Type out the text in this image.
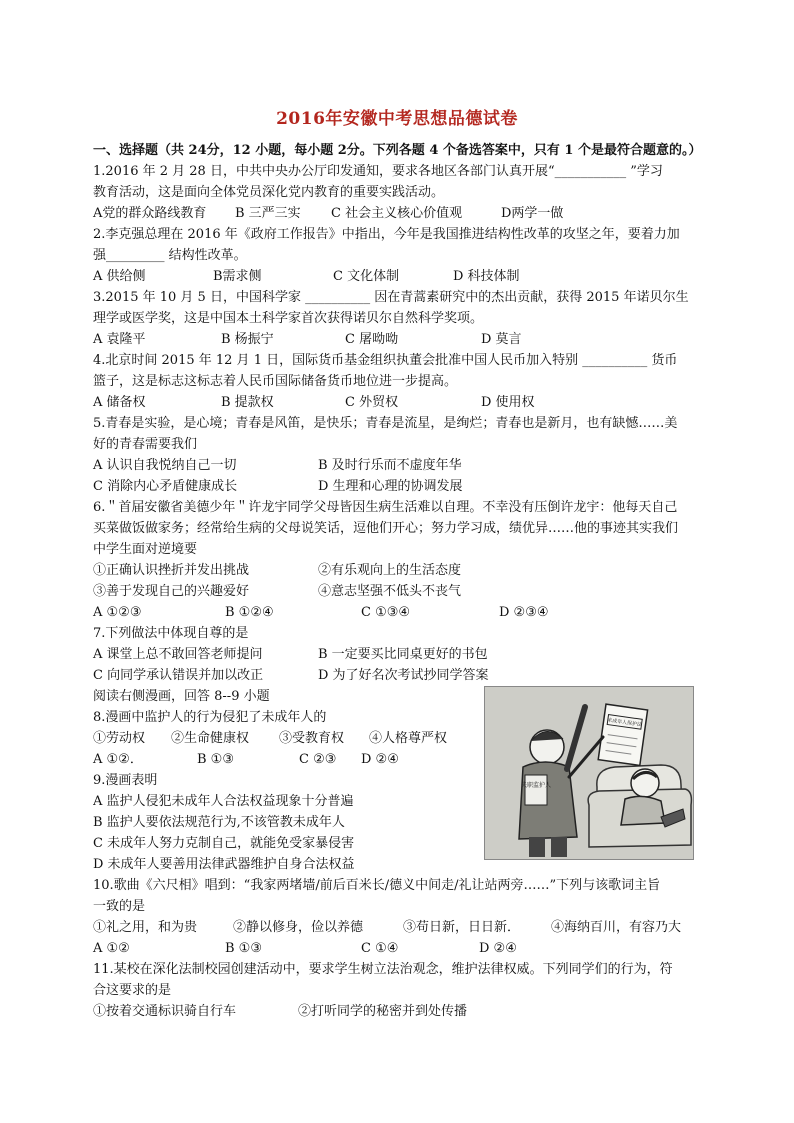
2016年安徽中考思想品德试卷
一、选择题（共 24分，12 小题，每小题 2分。下列各题 4 个备选答案中，只有 1 个是最符合题意的。）
1.2016 年 2 月 28 日，中共中央办公厅印发通知，要求各地区各部门认真开展“___________ ”学习
教育活动，这是面向全体党员深化党内教育的重要实践活动。
A党的群众路线教育	B 三严三实	C 社会主义核心价值观	D两学一做
2.李克强总理在 2016 年《政府工作报告》中指出，今年是我国推进结构性改革的攻坚之年，要着力加
强_________ 结构性改革。
A 供给侧	B需求侧	C 文化体制	D 科技体制
3.2015 年 10 月 5 日，中国科学家 __________ 因在青蒿素研究中的杰出贡献，获得 2015 年诺贝尔生
理学或医学奖，这是中国本土科学家首次获得诺贝尔自然科学奖项。
A 袁隆平	B 杨振宁	C 屠呦呦	D 莫言
4.北京时间 2015 年 12 月 1 日，国际货币基金组织执董会批准中国人民币加入特别 __________ 货币
篮子，这是标志这标志着人民币国际储备货币地位进一步提高。
A 储备权	B 提款权	C 外贸权	D 使用权
5.青春是实验，是心境；青春是风笛，是快乐；青春是流星，是绚烂；青春也是新月，也有缺憾……美
好的青春需要我们
A 认识自我悦纳自己一切	B 及时行乐而不虚度年华
C 消除内心矛盾健康成长	D 生理和心理的协调发展
6.＂首届安徽省美德少年＂许龙宇同学父母皆因生病生活难以自理。不幸没有压倒许龙宇：他每天自己
买菜做饭做家务；经常给生病的父母说笑话，逗他们开心；努力学习成，绩优异……他的事迹其实我们
中学生面对逆境要
①正确认识挫折并发出挑战	②有乐观向上的生活态度
③善于发现自己的兴趣爱好	④意志坚强不低头不丧气
A ①②③	B ①②④	C ①③④	D ②③④
7.下列做法中体现自尊的是
A 课堂上总不敢回答老师提问	B 一定要买比同桌更好的书包
C 向同学承认错误并加以改正	D 为了好名次考试抄同学答案
阅读右侧漫画，回答 8--9 小题
8.漫画中监护人的行为侵犯了未成年人的
①劳动权	②生命健康权	③受教育权	④人格尊严权
A ①②．	B ①③	C ②③	D ②④
9.漫画表明
A 监护人侵犯未成年人合法权益现象十分普遍
B 监护人要依法规范行为,不该管教未成年人
C 未成年人努力克制自己，就能免受家暴侵害
D 未成年人要善用法律武器维护自身合法权益
10.歌曲《六尺相》唱到：“我家两堵墙/前后百米长/德义中间走/礼让站两旁……”下列与该歌词主旨
一致的是
①礼之用，和为贵	②静以修身，俭以养德	③苟日新，日日新．	④海纳百川，有容乃大
A ①②	B ①③	C ①④	D ②④
11.某校在深化法制校园创建活动中，要求学生树立法治观念，维护法律权威。下列同学们的行为，符
合这要求的是
①按着交通标识骑自行车	②打听同学的秘密并到处传播
失职监护人
未成年人保护法
